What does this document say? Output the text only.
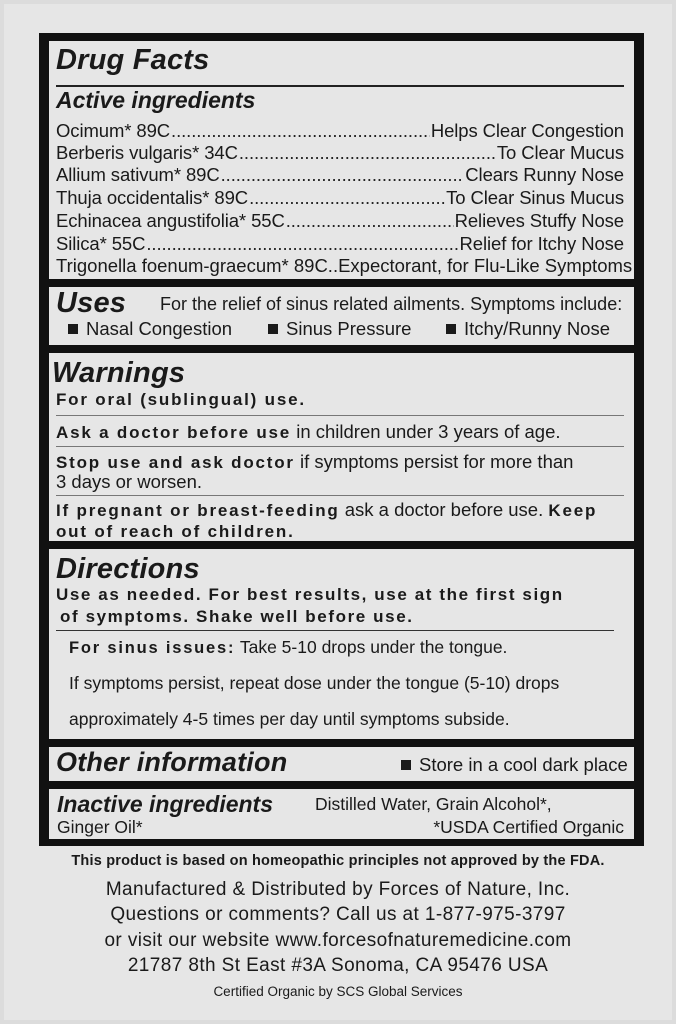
Drug Facts
Active ingredients
Ocimum* 89C .....	Helps Clear Congestion
Berberis vulgaris* 34C .....	To Clear Mucus
Allium sativum* 89C .....	Clears Runny Nose
Thuja occidentalis* 89C .....	To Clear Sinus Mucus
Echinacea angustifolia* 55C .....	Relieves Stuffy Nose
Silica* 55C .....	Relief for Itchy Nose
Trigonella foenum-graecum* 89C..Expectorant, for Flu-Like Symptoms
Uses For the relief of sinus related ailments. Symptoms include:
Nasal Congestion	Sinus Pressure	Itchy/Runny Nose
Warnings
For oral (sublingual) use.
Ask a doctor before use in children under 3 years of age.
Stop use and ask doctor if symptoms persist for more than
3 days or worsen.
If pregnant or breast-feeding ask a doctor before use. Keep
out of reach of children.
Directions
Use as needed. For best results, use at the first sign
of symptoms. Shake well before use.
For sinus issues: Take 5-10 drops under the tongue.
If symptoms persist, repeat dose under the tongue (5-10) drops
approximately 4-5 times per day until symptoms subside.
Other information	Store in a cool dark place
Inactive ingredients Distilled Water, Grain Alcohol*,
Ginger Oil*	*USDA Certified Organic
This product is based on homeopathic principles not approved by the FDA.
Manufactured & Distributed by Forces of Nature, Inc.
Questions or comments? Call us at 1-877-975-3797
or visit our website www.forcesofnaturemedicine.com
21787 8th St East #3A Sonoma, CA 95476 USA
Certified Organic by SCS Global Services
